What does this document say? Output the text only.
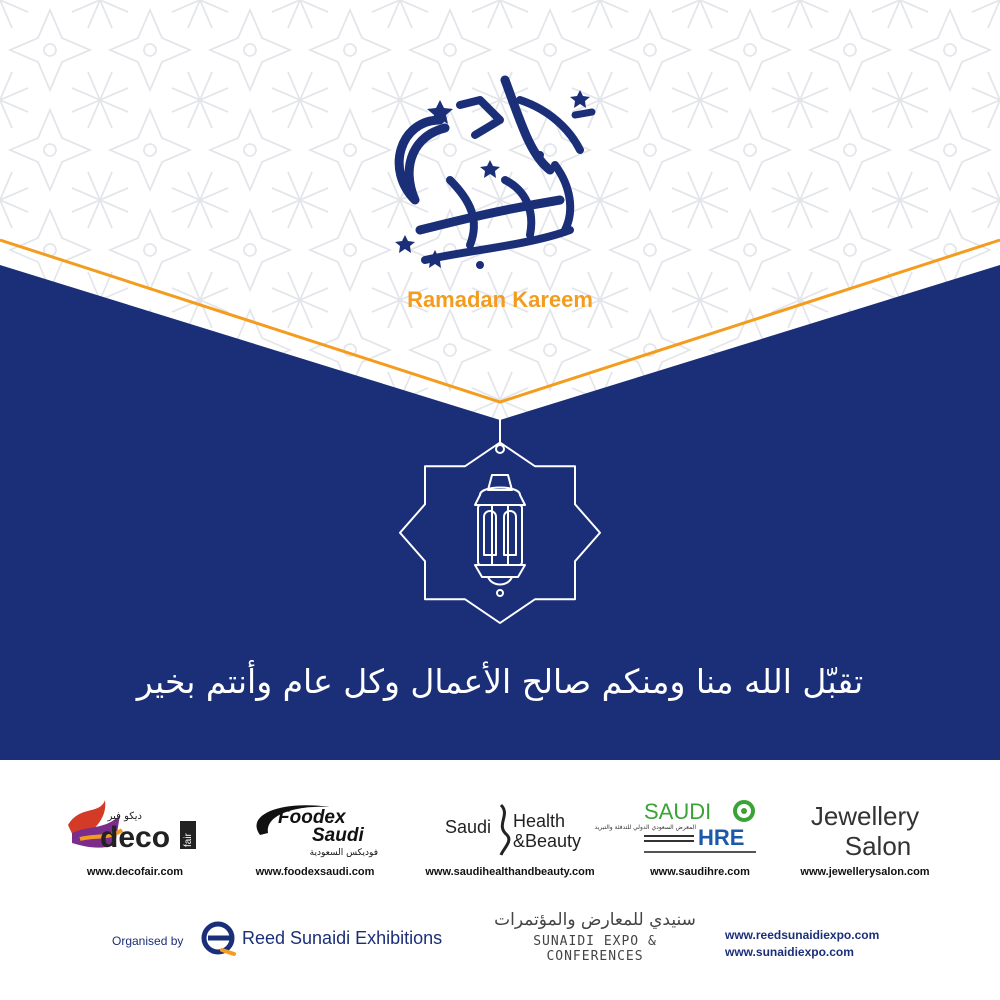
Ramadan Kareem
تقبّل الله منا ومنكم صالح الأعمال وكل عام وأنتم بخير
deco
ديكو فير
fair
www.decofair.com
Foodex
Saudi
فوديكس السعودية
www.foodexsaudi.com
Saudi Health
&Beauty
www.saudihealthandbeauty.com
SAUDI
HRE
المعرض السعودي الدولي للتدفئة والتبريد
www.saudihre.com
Jewellery
Salon
www.jewellerysalon.com
Organised by	Reed Sunaidi Exhibitions
سنيدي للمعارض والمؤتمرات
SUNAIDI EXPO & CONFERENCES
www.reedsunaidiexpo.com
www.sunaidiexpo.com
